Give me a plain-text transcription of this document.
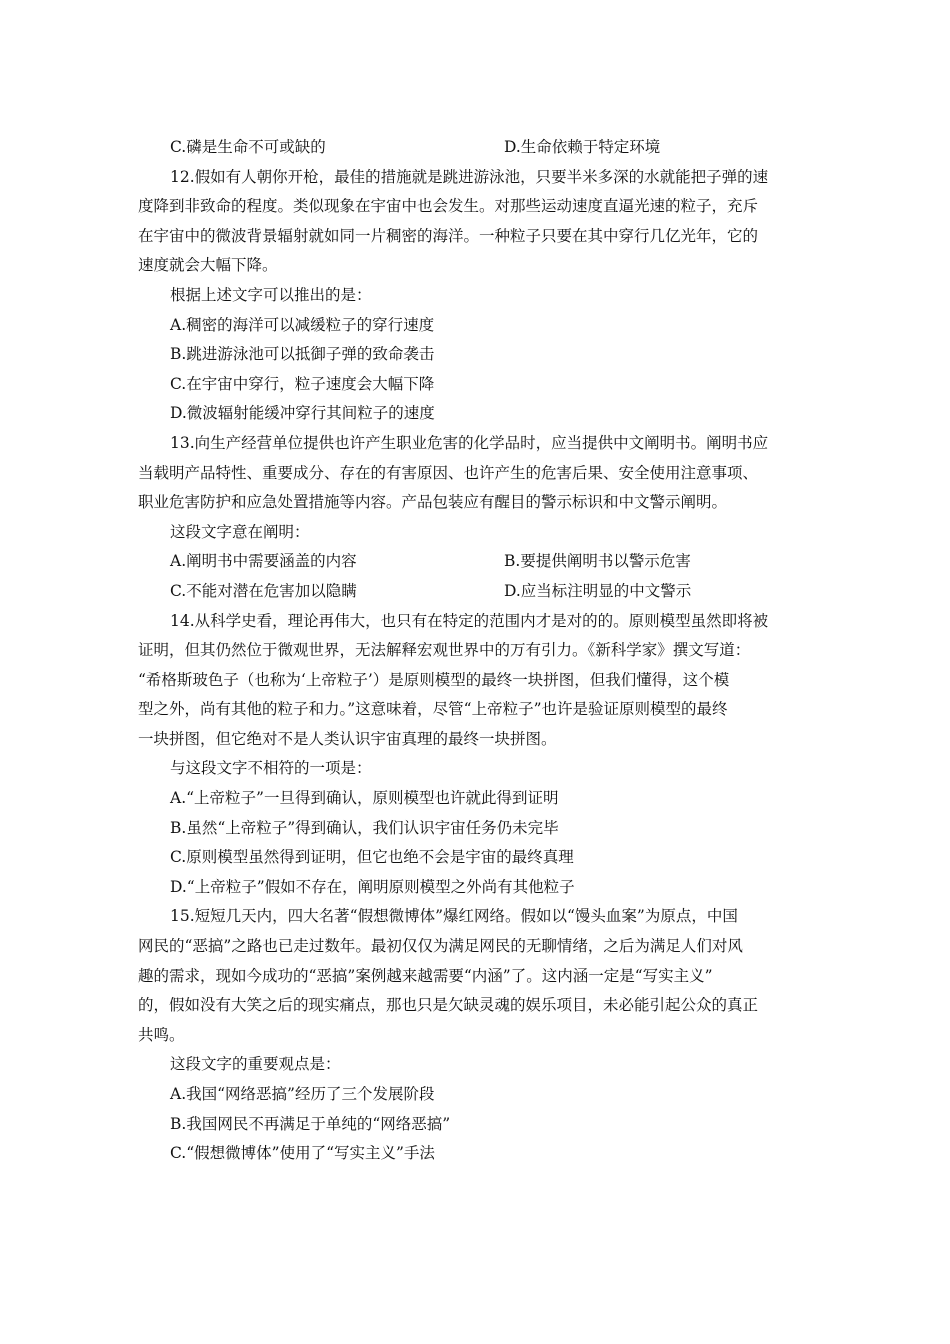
C.磷是生命不可或缺的	D.生命依赖于特定环境
12.假如有人朝你开枪，最佳的措施就是跳进游泳池，只要半米多深的水就能把子弹的速
度降到非致命的程度。类似现象在宇宙中也会发生。对那些运动速度直逼光速的粒子，充斥
在宇宙中的微波背景辐射就如同一片稠密的海洋。一种粒子只要在其中穿行几亿光年，它的
速度就会大幅下降。
根据上述文字可以推出的是：
A.稠密的海洋可以减缓粒子的穿行速度
B.跳进游泳池可以抵御子弹的致命袭击
C.在宇宙中穿行，粒子速度会大幅下降
D.微波辐射能缓冲穿行其间粒子的速度
13.向生产经营单位提供也许产生职业危害的化学品时，应当提供中文阐明书。阐明书应
当载明产品特性、重要成分、存在的有害原因、也许产生的危害后果、安全使用注意事项、
职业危害防护和应急处置措施等内容。产品包装应有醒目的警示标识和中文警示阐明。
这段文字意在阐明：
A.阐明书中需要涵盖的内容	B.要提供阐明书以警示危害
C.不能对潜在危害加以隐瞒	D.应当标注明显的中文警示
14.从科学史看，理论再伟大，也只有在特定的范围内才是对的的。原则模型虽然即将被
证明，但其仍然位于微观世界，无法解释宏观世界中的万有引力。《新科学家》撰文写道：
“希格斯玻色子（也称为‘上帝粒子’）是原则模型的最终一块拼图，但我们懂得，这个模
型之外，尚有其他的粒子和力。”这意味着，尽管“上帝粒子”也许是验证原则模型的最终
一块拼图，但它绝对不是人类认识宇宙真理的最终一块拼图。
与这段文字不相符的一项是：
A.“上帝粒子”一旦得到确认，原则模型也许就此得到证明
B.虽然“上帝粒子”得到确认，我们认识宇宙任务仍未完毕
C.原则模型虽然得到证明，但它也绝不会是宇宙的最终真理
D.“上帝粒子”假如不存在，阐明原则模型之外尚有其他粒子
15.短短几天内，四大名著“假想微博体”爆红网络。假如以“馒头血案”为原点，中国
网民的“恶搞”之路也已走过数年。最初仅仅为满足网民的无聊情绪，之后为满足人们对风
趣的需求，现如今成功的“恶搞”案例越来越需要“内涵”了。这内涵一定是“写实主义”
的，假如没有大笑之后的现实痛点，那也只是欠缺灵魂的娱乐项目，未必能引起公众的真正
共鸣。
这段文字的重要观点是：
A.我国“网络恶搞”经历了三个发展阶段
B.我国网民不再满足于单纯的“网络恶搞”
C.“假想微博体”使用了“写实主义”手法
